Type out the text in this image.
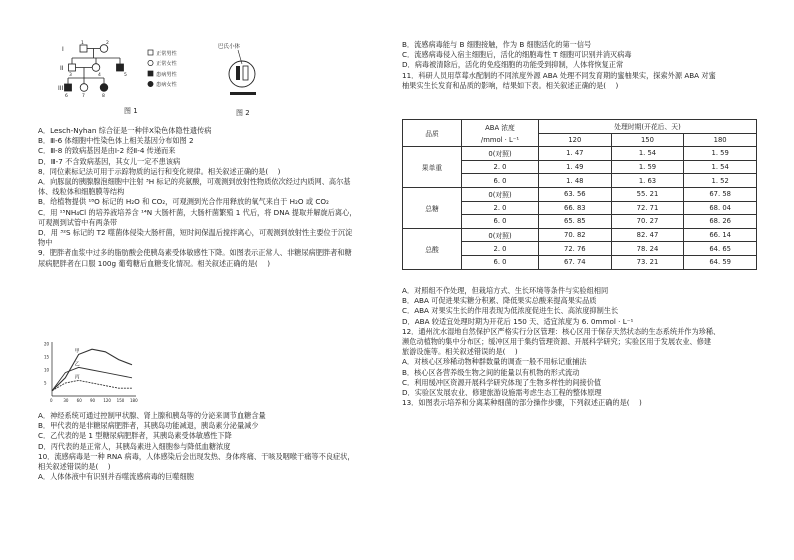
I
II
III
1	2
3	4	5
6	7	8
正常男性
正常女性
患病男性
患病女性
图 1
巴氏小体
图 2
A．Lesch-Nyhan 综合征是一种伴X染色体隐性遗传病
B．Ⅲ-6 体细胞中性染色体上相关基因分布如图 2
C．Ⅲ-8 的致病基因是由Ⅰ-2 经Ⅱ-4 传递而来
D．Ⅲ-7 不含致病基因，其女儿一定不患该病
8．同位素标记法可用于示踪物质的运行和变化规律。相关叙述正确的是(　 )
A．向豚鼠的胰腺腺泡细胞中注射 ³H 标记的亮氨酸，可观测到放射性物质依次经过内质网、高尔基
体、线粒体和细胞膜等结构
B．给植物提供 ¹⁸O 标记的 H₂O 和 CO₂，可观测到光合作用释放的氧气来自于 H₂O 或 CO₂
C．用 ¹⁵NH₄Cl 的培养液培养含 ¹⁴N 大肠杆菌，大肠杆菌繁殖 1 代后，将 DNA 提取并解旋后离心，
可观测到试管中有两条带
D．用 ³²S 标记的 T2 噬菌体侵染大肠杆菌，短时间保温后搅拌离心，可观测到放射性主要位于沉淀
物中
9．肥胖者血浆中过多的脂肪酸会使胰岛素受体敏感性下降。如图表示正常人、非糖尿病肥胖者和糖
尿病肥胖者在口服 100g 葡萄糖后血糖变化情况。相关叙述正确的是(　 )
甲
乙
丙
0	30 60 90 120 150 180
5
10
15
20
A．神经系统可通过控制甲状腺、肾上腺和胰岛等的分泌来调节血糖含量
B．甲代表的是非糖尿病肥胖者，其胰岛功能减退，胰岛素分泌量减少
C．乙代表的是 1 型糖尿病肥胖者，其胰岛素受体敏感性下降
D．丙代表的是正常人，其胰岛素进入细胞参与降低血糖浓度
10．流感病毒是一种 RNA 病毒，人体感染后会出现发热、身体疼痛、干咳及咽喉干痛等不良症状，
相关叙述错误的是(　 )
A．人体体液中有识别并吞噬流感病毒的巨噬细胞
B．流感病毒能与 B 细胞接触，作为 B 细胞活化的第一信号
C．流感病毒侵入宿主细胞后，活化的细胞毒性 T 细胞可识别并消灭病毒
D．病毒被清除后，活化的免疫细胞的功能受到抑制，人体将恢复正常
11．科研人员用草莓水配制的不同浓度外源 ABA 处理不同发育期的蜜柚果实，探索外源 ABA 对蜜
柚果实生长发育和品质的影响，结果如下表。相关叙述正确的是(　 )
品质	ABA 浓度	处理时期(开花后、天)		
	/mmol · L⁻¹	120	150	180
果单重	0(对照)	1. 47	1. 54	1. 59
	2. 0	1. 49	1. 59	1. 54
	6. 0	1. 48	1. 63	1. 52
总糖	0(对照)	63. 56	55. 21	67. 58
	2. 0	66. 83	72. 71	68. 04
	6. 0	65. 85	70. 27	68. 26
总酸	0(对照)	70. 82	82. 47	66. 14
	2. 0	72. 76	78. 24	64. 65
	6. 0	67. 74	73. 21	64. 59
A．对照组不作处理，但栽培方式、生长环境等条件与实验组相同
B．ABA 可促进果实糖分积累、降低果实总酸来提高果实品质
C．ABA 对果实生长的作用表现为低浓度促进生长、高浓度抑制生长
D．ABA 较适宜处理时期为开花后 150 天、适宜浓度为 6. 0mmol · L⁻¹
12．通州沈水湿地自然保护区严格实行分区管理：核心区用于保存天然状态的生态系统并作为珍稀、
濒危动植物的集中分布区；缓冲区用于集约管理资源、开展科学研究；实验区用于发展农业、修建
旅游设施等。相关叙述错误的是(　 )
A．对核心区珍稀动物种群数量的调查一般不用标记重捕法
B．核心区各营养级生物之间的能量以有机物的形式流动
C．利用缓冲区资源开展科学研究体现了生物多样性的间接价值
D．实验区发展农业、修建旅游设施需考虑生态工程的整体原理
13．如图表示培养和分离某种细菌的部分操作步骤，下列叙述正确的是(　 )
